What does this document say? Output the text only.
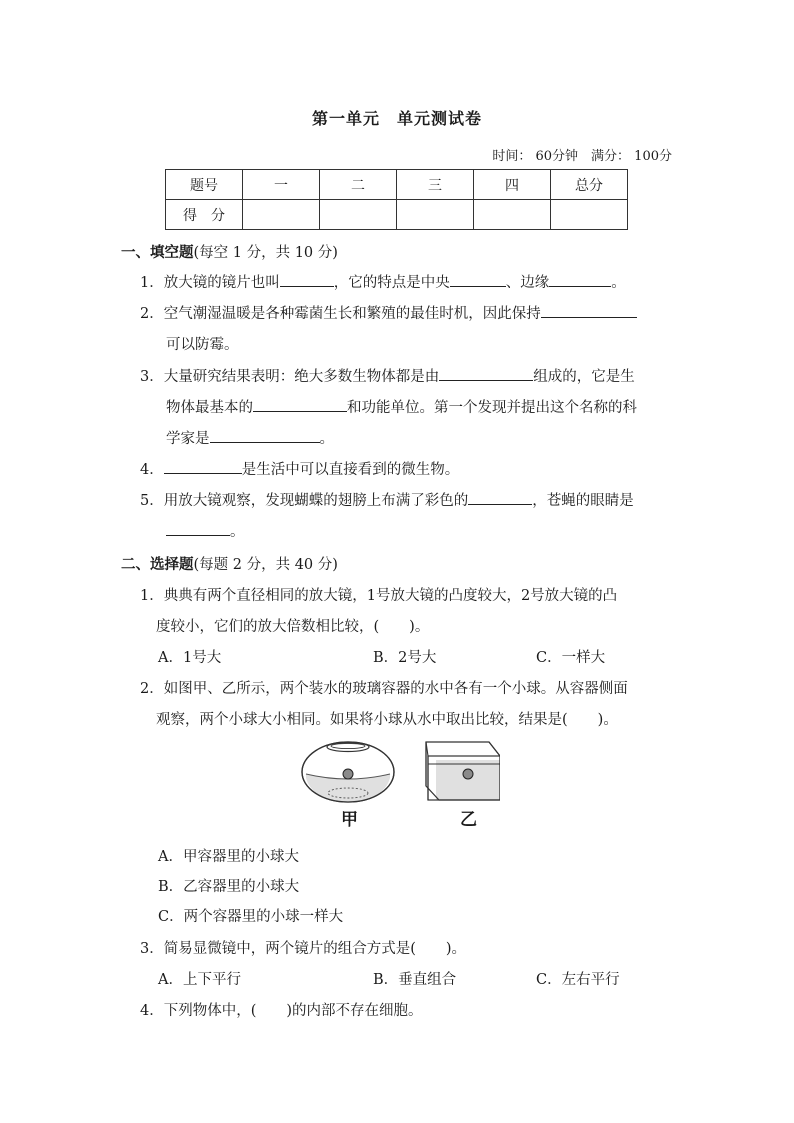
第一单元　单元测试卷
时间： 60分钟　满分： 100分
题号	一	二	三	四	总分
得　分					
一、填空题(每空 1 分，共 10 分)
1．放大镜的镜片也叫	，它的特点是中央	、边缘	。
2．空气潮湿温暖是各种霉菌生长和繁殖的最佳时机，因此保持
可以防霉。
3．大量研究结果表明：绝大多数生物体都是由	组成的，它是生
物体最基本的	和功能单位。第一个发现并提出这个名称的科
学家是	。
4．	是生活中可以直接看到的微生物。
5．用放大镜观察，发现蝴蝶的翅膀上布满了彩色的	，苍蝇的眼睛是
。
二、选择题(每题 2 分，共 40 分)
1．典典有两个直径相同的放大镜，1号放大镜的凸度较大，2号放大镜的凸
度较小，它们的放大倍数相比较，( )。
A．1号大	B．2号大	C．一样大
2．如图甲、乙所示，两个装水的玻璃容器的水中各有一个小球。从容器侧面
观察，两个小球大小相同。如果将小球从水中取出比较，结果是( )。
甲	乙
A．甲容器里的小球大
B．乙容器里的小球大
C．两个容器里的小球一样大
3．简易显微镜中，两个镜片的组合方式是( )。
A．上下平行	B．垂直组合	C．左右平行
4．下列物体中，( )的内部不存在细胞。
